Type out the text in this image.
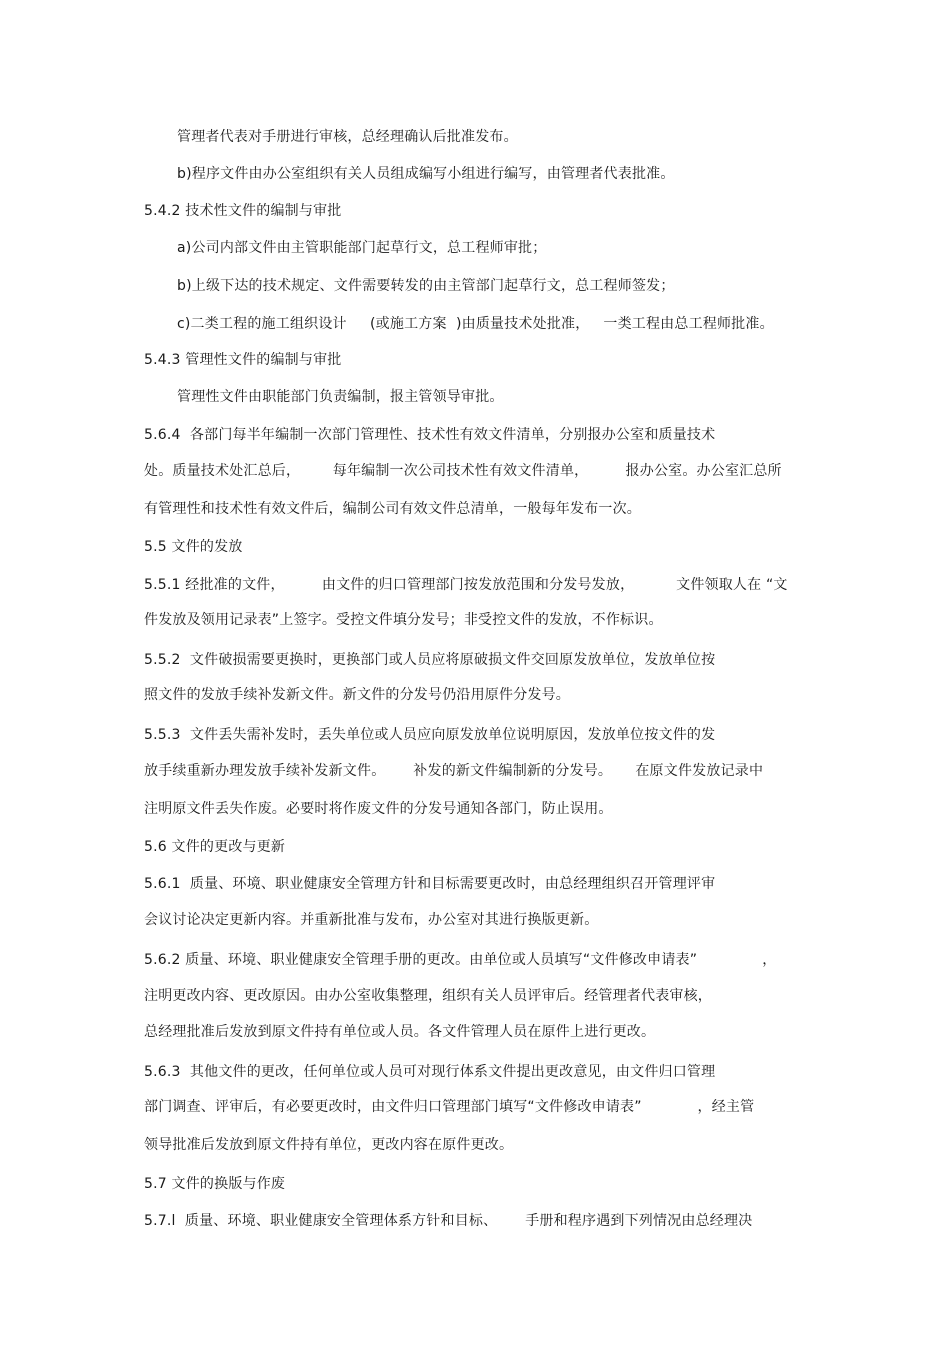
管理者代表对手册进行审核，总经理确认后批准发布。

b)程序文件由办公室组织有关人员组成编写小组进行编写，由管理者代表批准。

5.4.2 技术性文件的编制与审批

a)公司内部文件由主管职能部门起草行文，总工程师审批；

b)上级下达的技术规定、文件需要转发的由主管部门起草行文，总工程师签发；

c)二类工程的施工组织设计     (或施工方案  )由质量技术处批准，   一类工程由总工程师批准。

5.4.3 管理性文件的编制与审批

管理性文件由职能部门负责编制，报主管领导审批。

5.6.4  各部门每半年编制一次部门管理性、技术性有效文件清单，分别报办公室和质量技术

处。质量技术处汇总后，       每年编制一次公司技术性有效文件清单，        报办公室。办公室汇总所

有管理性和技术性有效文件后，编制公司有效文件总清单，一般每年发布一次。

5.5 文件的发放

5.5.1 经批准的文件，        由文件的归口管理部门按发放范围和分发号发放，         文件领取人在 “文

件发放及领用记录表”上签字。受控文件填分发号；非受控文件的发放，不作标识。

5.5.2  文件破损需要更换时，更换部门或人员应将原破损文件交回原发放单位，发放单位按

照文件的发放手续补发新文件。新文件的分发号仍沿用原件分发号。

5.5.3  文件丢失需补发时，丢失单位或人员应向原发放单位说明原因，发放单位按文件的发

放手续重新办理发放手续补发新文件。      补发的新文件编制新的分发号。     在原文件发放记录中

注明原文件丢失作废。必要时将作废文件的分发号通知各部门，防止误用。

5.6 文件的更改与更新

5.6.1  质量、环境、职业健康安全管理方针和目标需要更改时，由总经理组织召开管理评审

会议讨论决定更新内容。并重新批准与发布，办公室对其进行换版更新。

5.6.2 质量、环境、职业健康安全管理手册的更改。由单位或人员填写“文件修改申请表”              ，

注明更改内容、更改原因。由办公室收集整理，组织有关人员评审后。经管理者代表审核，

总经理批准后发放到原文件持有单位或人员。各文件管理人员在原件上进行更改。

5.6.3  其他文件的更改，任何单位或人员可对现行体系文件提出更改意见，由文件归口管理

部门调查、评审后，有必要更改时，由文件归口管理部门填写“文件修改申请表”            ，经主管

领导批准后发放到原文件持有单位，更改内容在原件更改。

5.7 文件的换版与作废

5.7.l  质量、环境、职业健康安全管理体系方针和目标、      手册和程序遇到下列情况由总经理决
